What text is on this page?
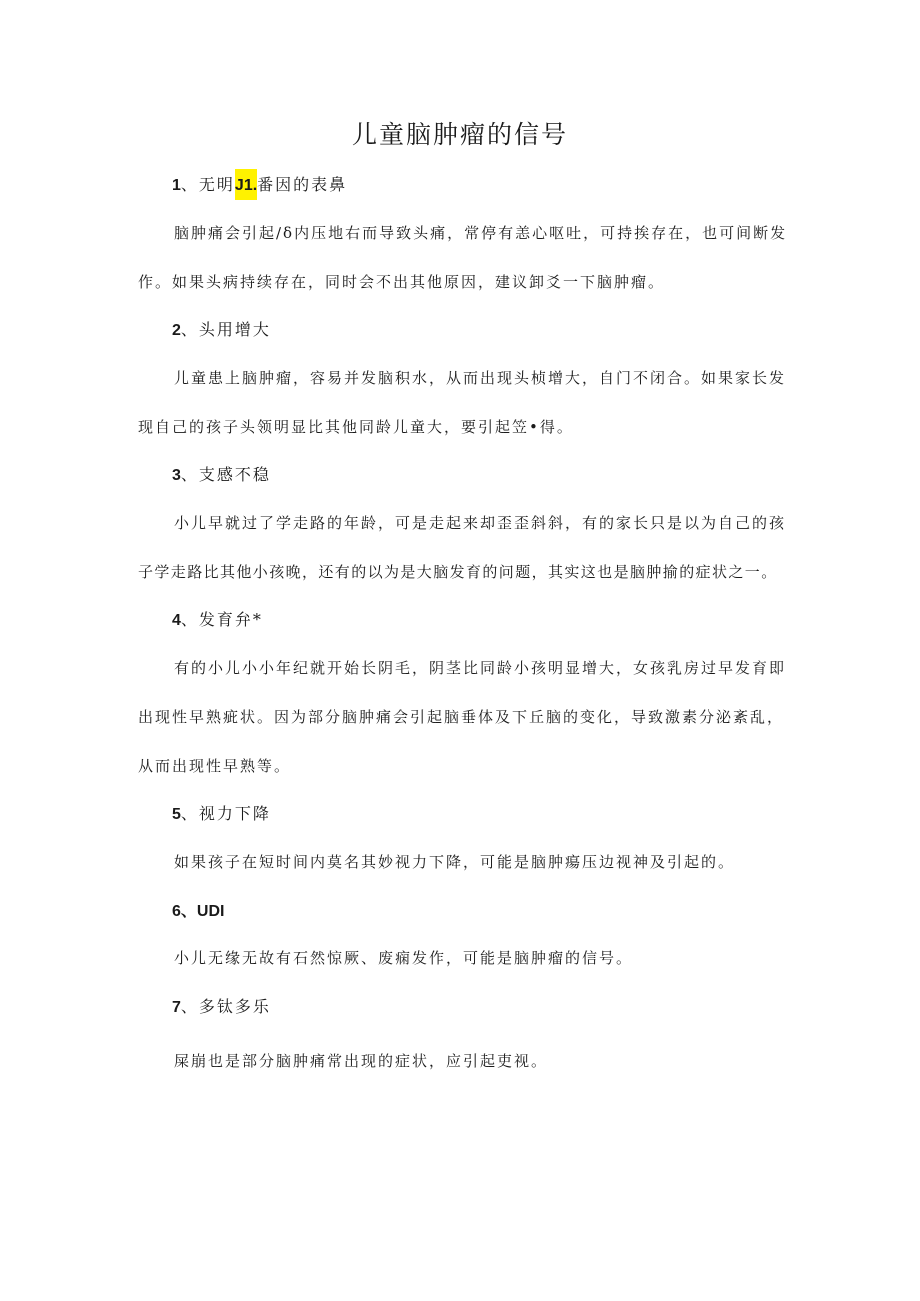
儿童脑肿瘤的信号
1、无明J1.番因的表鼻
脑肿痛会引起∕δ内压地右而导致头痛，常停有恙心呕吐，可持挨存在，也可间断发
作。如果头病持续存在，同时会不出其他原因，建议卸爻一下脑肿瘤。
2、头用增大
儿童患上脑肿瘤，容易并发脑积水，从而出现头桢增大，自门不闭合。如果家长发
现自己的孩子头领明显比其他同龄儿童大，要引起笠•得。
3、支感不稳
小儿早就过了学走路的年龄，可是走起来却歪歪斜斜，有的家长只是以为自己的孩
子学走路比其他小孩晚，还有的以为是大脑发育的问题，其实这也是脑肿揄的症状之一。
4、发育弁*
有的小儿小小年纪就开始长阴毛，阴茎比同龄小孩明显增大，女孩乳房过早发育即
出现性早熟疵状。因为部分脑肿痛会引起脑垂体及下丘脑的变化，导致激素分泌紊乱，
从而出现性早熟等。
5、视力下降
如果孩子在短时间内莫名其妙视力下降，可能是脑肿瘍压边视神及引起的。
6、UDI
小儿无缘无故有石然惊厥、废痫发作，可能是脑肿瘤的信号。
7、多钛多乐
屎崩也是部分脑肿痛常出现的症状，应引起吏视。
